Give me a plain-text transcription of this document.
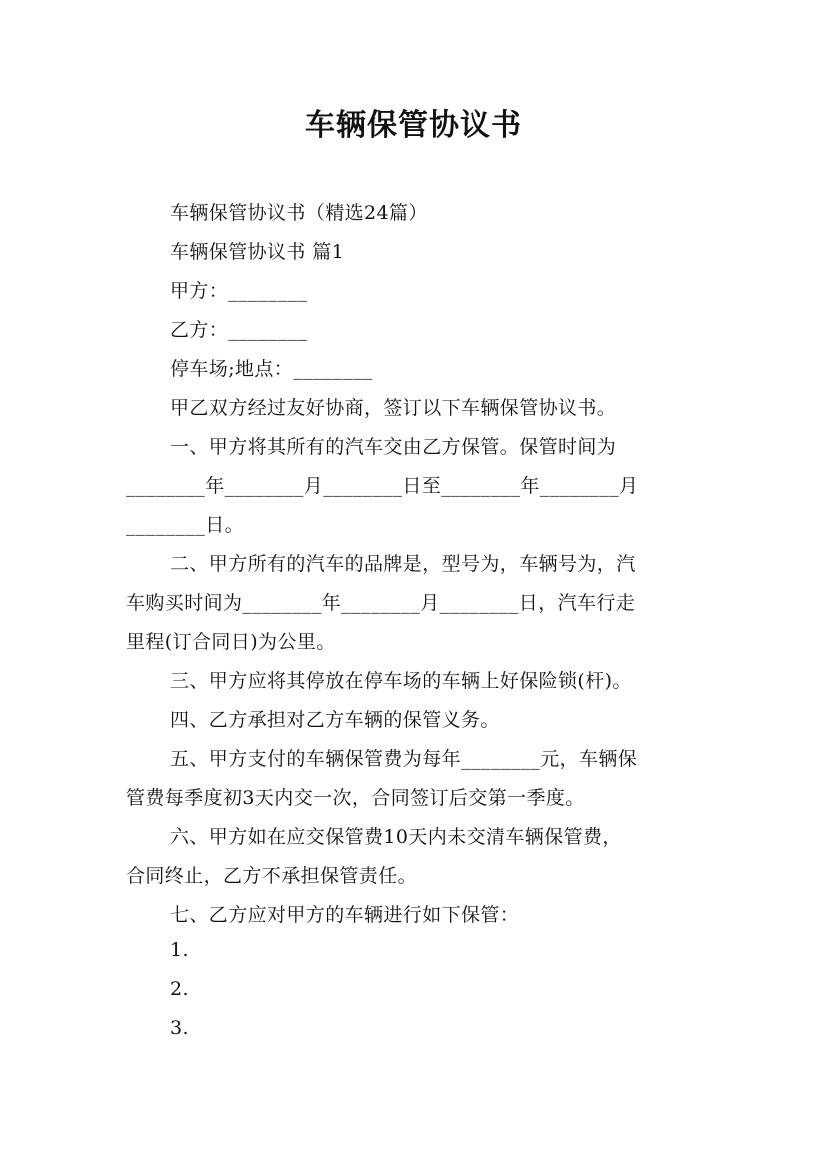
车辆保管协议书
车辆保管协议书（精选24篇）
车辆保管协议书 篇1
甲方：________
乙方：________
停车场;地点：________
甲乙双方经过友好协商，签订以下车辆保管协议书。
一、甲方将其所有的汽车交由乙方保管。保管时间为
________年________月________日至________年________月
________日。
二、甲方所有的汽车的品牌是，型号为，车辆号为，汽
车购买时间为________年________月________日，汽车行走
里程(订合同日)为公里。
三、甲方应将其停放在停车场的车辆上好保险锁(杆)。
四、乙方承担对乙方车辆的保管义务。
五、甲方支付的车辆保管费为每年________元，车辆保
管费每季度初3天内交一次，合同签订后交第一季度。
六、甲方如在应交保管费10天内未交清车辆保管费，
合同终止，乙方不承担保管责任。
七、乙方应对甲方的车辆进行如下保管：
1.
2.
3.
